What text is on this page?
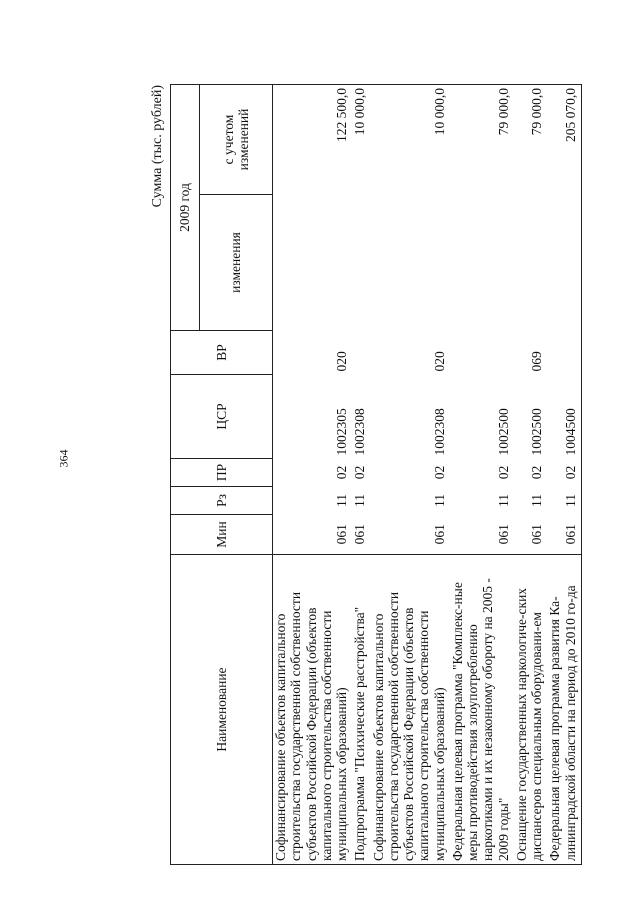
364
Сумма (тыс. рублей)
Наименование	Мин	Рз	ПР	ЦСР	ВР	2009 год	
						изменения	с учетом изменений
Софинансирование объектов капитального строительства государственной собственности субъектов Российской Федерации (объектов капитального строительства собственности муниципальных образований)	061	11	02	1002305	020		122 500,0
Подпрограмма "Психические расстройства"	061	11	02	1002308			10 000,0
Софинансирование объектов капитального строительства государственной собственности субъектов Российской Федерации (объектов капитального строительства собственности муниципальных образований)	061	11	02	1002308	020		10 000,0
Федеральная целевая программа "Комплекс-ные меры противодействия злоупотреблению наркотиками и их незаконному обороту на 2005 - 2009 годы"	061	11	02	1002500			79 000,0
Оснащение государственных наркологиче-ских диспансеров специальным оборудовани-ем	061	11	02	1002500	069		79 000,0
Федеральная целевая программа развития Ка-лининградской области на период до 2010 го-да	061	11	02	1004500			205 070,0
